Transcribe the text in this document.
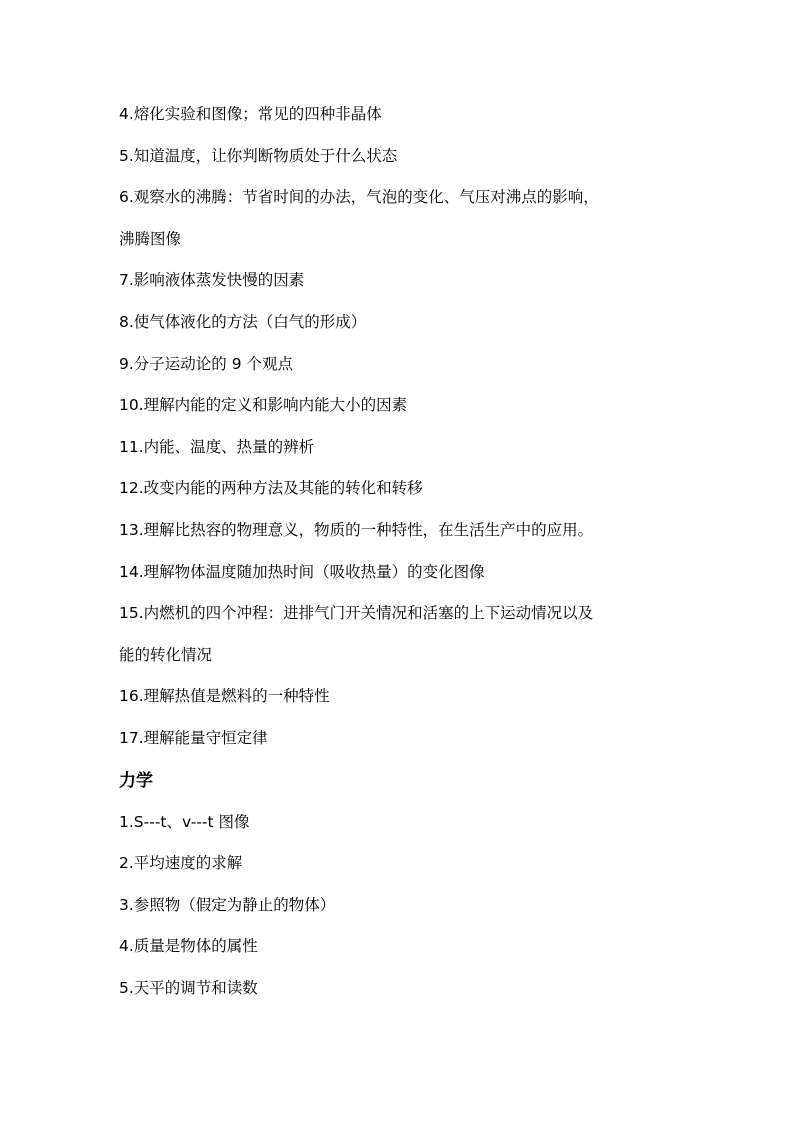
4.熔化实验和图像；常见的四种非晶体
5.知道温度，让你判断物质处于什么状态
6.观察水的沸腾：节省时间的办法，气泡的变化、气压对沸点的影响，
沸腾图像
7.影响液体蒸发快慢的因素
8.使气体液化的方法（白气的形成）
9.分子运动论的 9 个观点
10.理解内能的定义和影响内能大小的因素
11.内能、温度、热量的辨析
12.改变内能的两种方法及其能的转化和转移
13.理解比热容的物理意义，物质的一种特性，在生活生产中的应用。
14.理解物体温度随加热时间（吸收热量）的变化图像
15.内燃机的四个冲程：进排气门开关情况和活塞的上下运动情况以及
能的转化情况
16.理解热值是燃料的一种特性
17.理解能量守恒定律
力学
1.S---t、v---t 图像
2.平均速度的求解
3.参照物（假定为静止的物体）
4.质量是物体的属性
5.天平的调节和读数
